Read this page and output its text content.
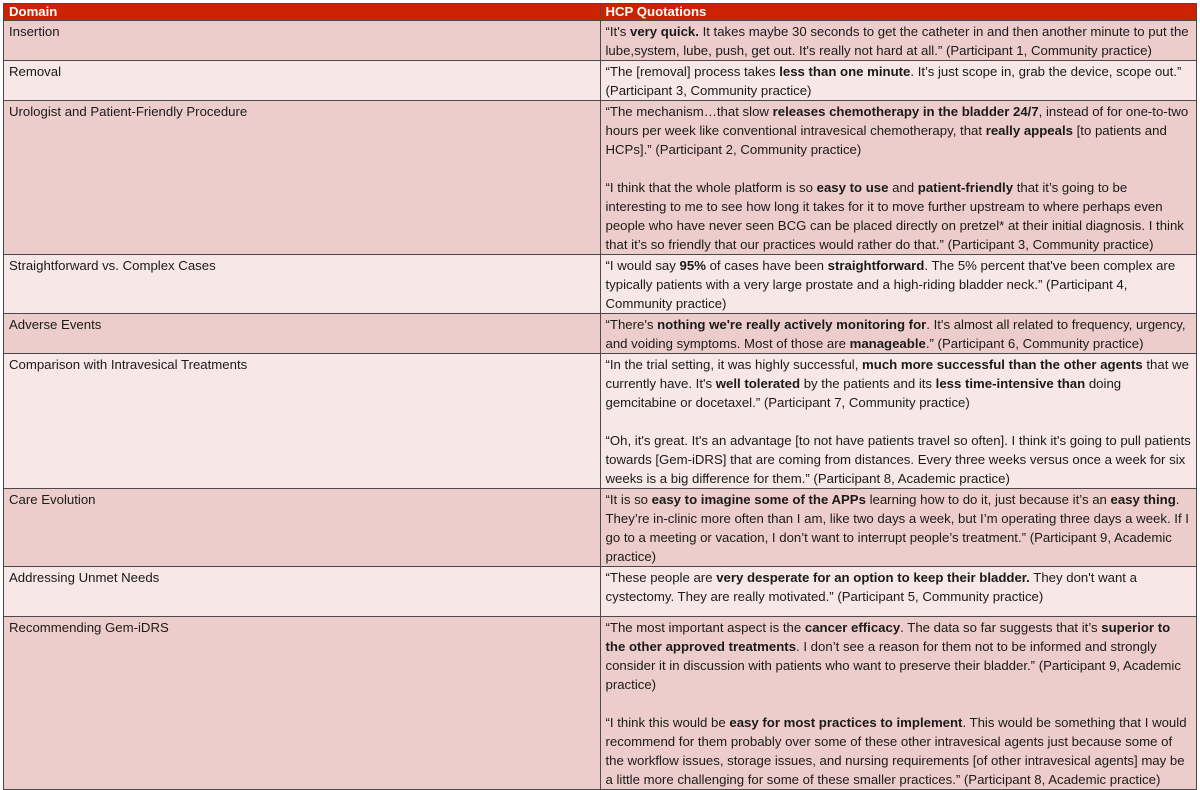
Domain	HCP Quotations
Insertion	“It's very quick. It takes maybe 30 seconds to get the catheter in and then another minute to put the lube,system, lube, push, get out. It's really not hard at all.” (Participant 1, Community practice)

Removal	“The [removal] process takes less than one minute. It’s just scope in, grab the device, scope out.” (Participant 3, Community practice)

Urologist and Patient-Friendly Procedure	“The mechanism…that slow releases chemotherapy in the bladder 24/7, instead of for one-to-two hours per week like conventional intravesical chemotherapy, that really appeals [to patients and HCPs].” (Participant 2, Community practice)

“I think that the whole platform is so easy to use and patient-friendly that it’s going to be interesting to me to see how long it takes for it to move further upstream to where perhaps even people who have never seen BCG can be placed directly on pretzel* at their initial diagnosis. I think that it’s so friendly that our practices would rather do that.” (Participant 3, Community practice)

Straightforward vs. Complex Cases	“I would say 95% of cases have been straightforward. The 5% percent that've been complex are typically patients with a very large prostate and a high-riding bladder neck.” (Participant 4, Community practice)

Adverse Events	“There's nothing we're really actively monitoring for. It's almost all related to frequency, urgency, and voiding symptoms. Most of those are manageable.” (Participant 6, Community practice)

Comparison with Intravesical Treatments	“In the trial setting, it was highly successful, much more successful than the other agents that we currently have. It's well tolerated by the patients and its less time-intensive than doing gemcitabine or docetaxel.” (Participant 7, Community practice)

“Oh, it's great. It's an advantage [to not have patients travel so often]. I think it's going to pull patients towards [Gem-iDRS] that are coming from distances. Every three weeks versus once a week for six weeks is a big difference for them.” (Participant 8, Academic practice)

Care Evolution	“It is so easy to imagine some of the APPs learning how to do it, just because it’s an easy thing. They’re in-clinic more often than I am, like two days a week, but I’m operating three days a week. If I go to a meeting or vacation, I don’t want to interrupt people’s treatment.” (Participant 9, Academic practice)

Addressing Unmet Needs	“These people are very desperate for an option to keep their bladder. They don't want a cystectomy. They are really motivated.” (Participant 5, Community practice)

Recommending Gem-iDRS	“The most important aspect is the cancer efficacy. The data so far suggests that it’s superior to the other approved treatments. I don’t see a reason for them not to be informed and strongly consider it in discussion with patients who want to preserve their bladder.” (Participant 9, Academic practice)

“I think this would be easy for most practices to implement. This would be something that I would recommend for them probably over some of these other intravesical agents just because some of the workflow issues, storage issues, and nursing requirements [of other intravesical agents] may be a little more challenging for some of these smaller practices.” (Participant 8, Academic practice)
